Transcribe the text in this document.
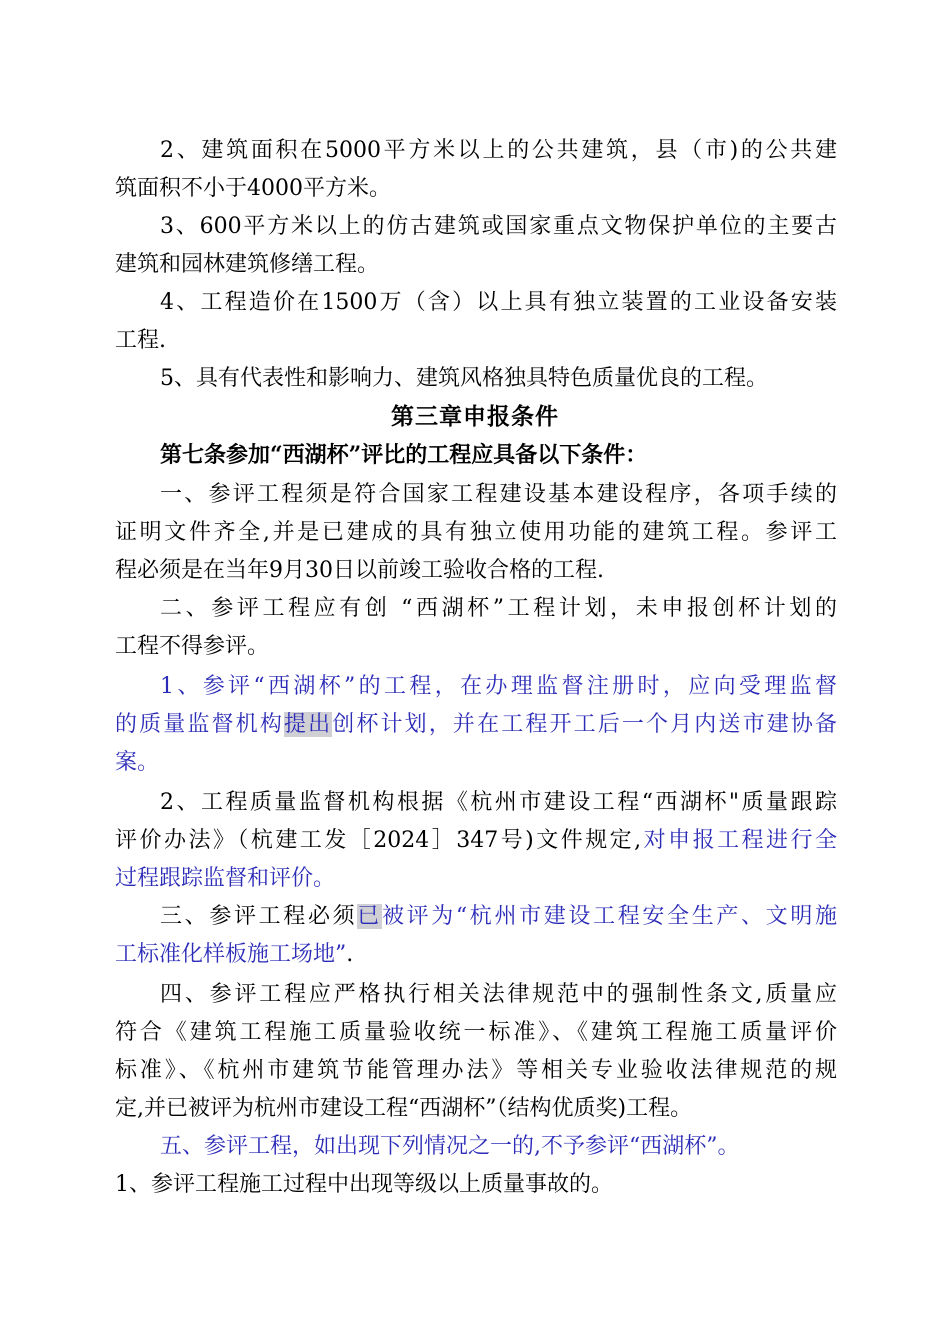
2、建筑面积在5000平方米以上的公共建筑，县（市)的公共建
筑面积不小于4000平方米。
3、600平方米以上的仿古建筑或国家重点文物保护单位的主要古
建筑和园林建筑修缮工程。
4、工程造价在1500万（含）以上具有独立装置的工业设备安装
工程.
5、具有代表性和影响力、建筑风格独具特色质量优良的工程。
第三章申报条件
第七条参加“西湖杯”评比的工程应具备以下条件：
一、参评工程须是符合国家工程建设基本建设程序，各项手续的
证明文件齐全,并是已建成的具有独立使用功能的建筑工程。参评工
程必须是在当年9月30日以前竣工验收合格的工程.
二、参评工程应有创 “西湖杯”工程计划，未申报创杯计划的
工程不得参评。
1、参评“西湖杯”的工程，在办理监督注册时，应向受理监督
的质量监督机构提出创杯计划，并在工程开工后一个月内送市建协备
案。
2、工程质量监督机构根据《杭州市建设工程“西湖杯"质量跟踪
评价办法》（杭建工发［2024］347号)文件规定,对申报工程进行全
过程跟踪监督和评价。
三、参评工程必须已被评为“杭州市建设工程安全生产、文明施
工标准化样板施工场地”.
四、参评工程应严格执行相关法律规范中的强制性条文,质量应
符合《建筑工程施工质量验收统一标准》、《建筑工程施工质量评价
标准》、《杭州市建筑节能管理办法》等相关专业验收法律规范的规
定,并已被评为杭州市建设工程“西湖杯”（结构优质奖)工程。
五、参评工程，如出现下列情况之一的,不予参评“西湖杯”。
1、参评工程施工过程中出现等级以上质量事故的。
